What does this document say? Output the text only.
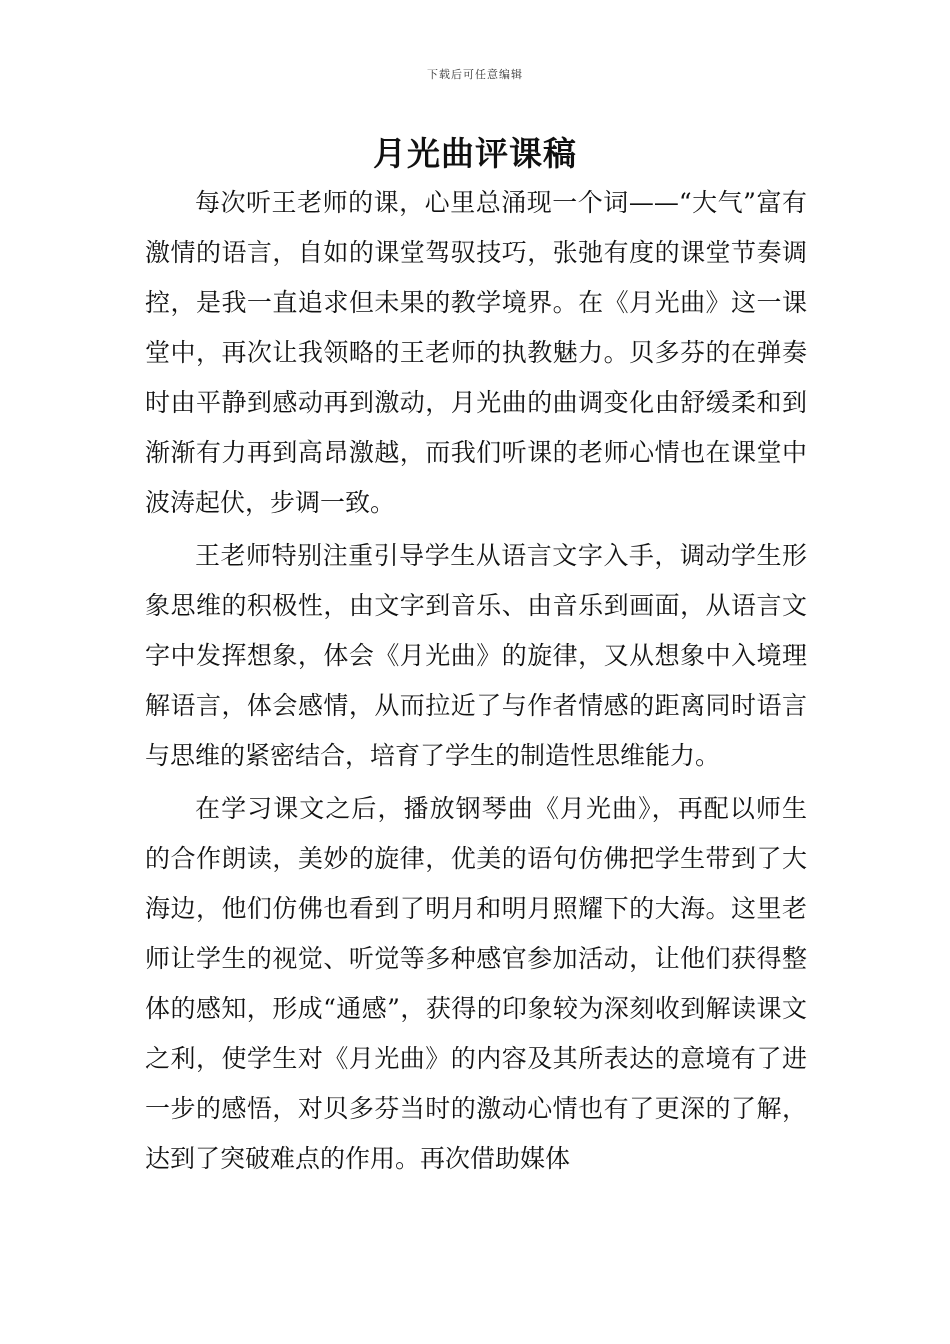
下载后可任意编辑
月光曲评课稿

每次听王老师的课，心里总涌现一个词——“大气”富有激情的语言，自如的课堂驾驭技巧，张弛有度的课堂节奏调控，是我一直追求但未果的教学境界。在《月光曲》这一课堂中，再次让我领略的王老师的执教魅力。贝多芬的在弹奏时由平静到感动再到激动，月光曲的曲调变化由舒缓柔和到渐渐有力再到高昂激越，而我们听课的老师心情也在课堂中波涛起伏，步调一致。

王老师特别注重引导学生从语言文字入手，调动学生形象思维的积极性，由文字到音乐、由音乐到画面，从语言文字中发挥想象，体会《月光曲》的旋律，又从想象中入境理解语言，体会感情，从而拉近了与作者情感的距离同时语言与思维的紧密结合，培育了学生的制造性思维能力。

在学习课文之后，播放钢琴曲《月光曲》，再配以师生的合作朗读，美妙的旋律，优美的语句仿佛把学生带到了大海边，他们仿佛也看到了明月和明月照耀下的大海。这里老师让学生的视觉、听觉等多种感官参加活动，让他们获得整体的感知，形成“通感”，获得的印象较为深刻收到解读课文之利，使学生对《月光曲》的内容及其所表达的意境有了进一步的感悟，对贝多芬当时的激动心情也有了更深的了解，达到了突破难点的作用。再次借助媒体
